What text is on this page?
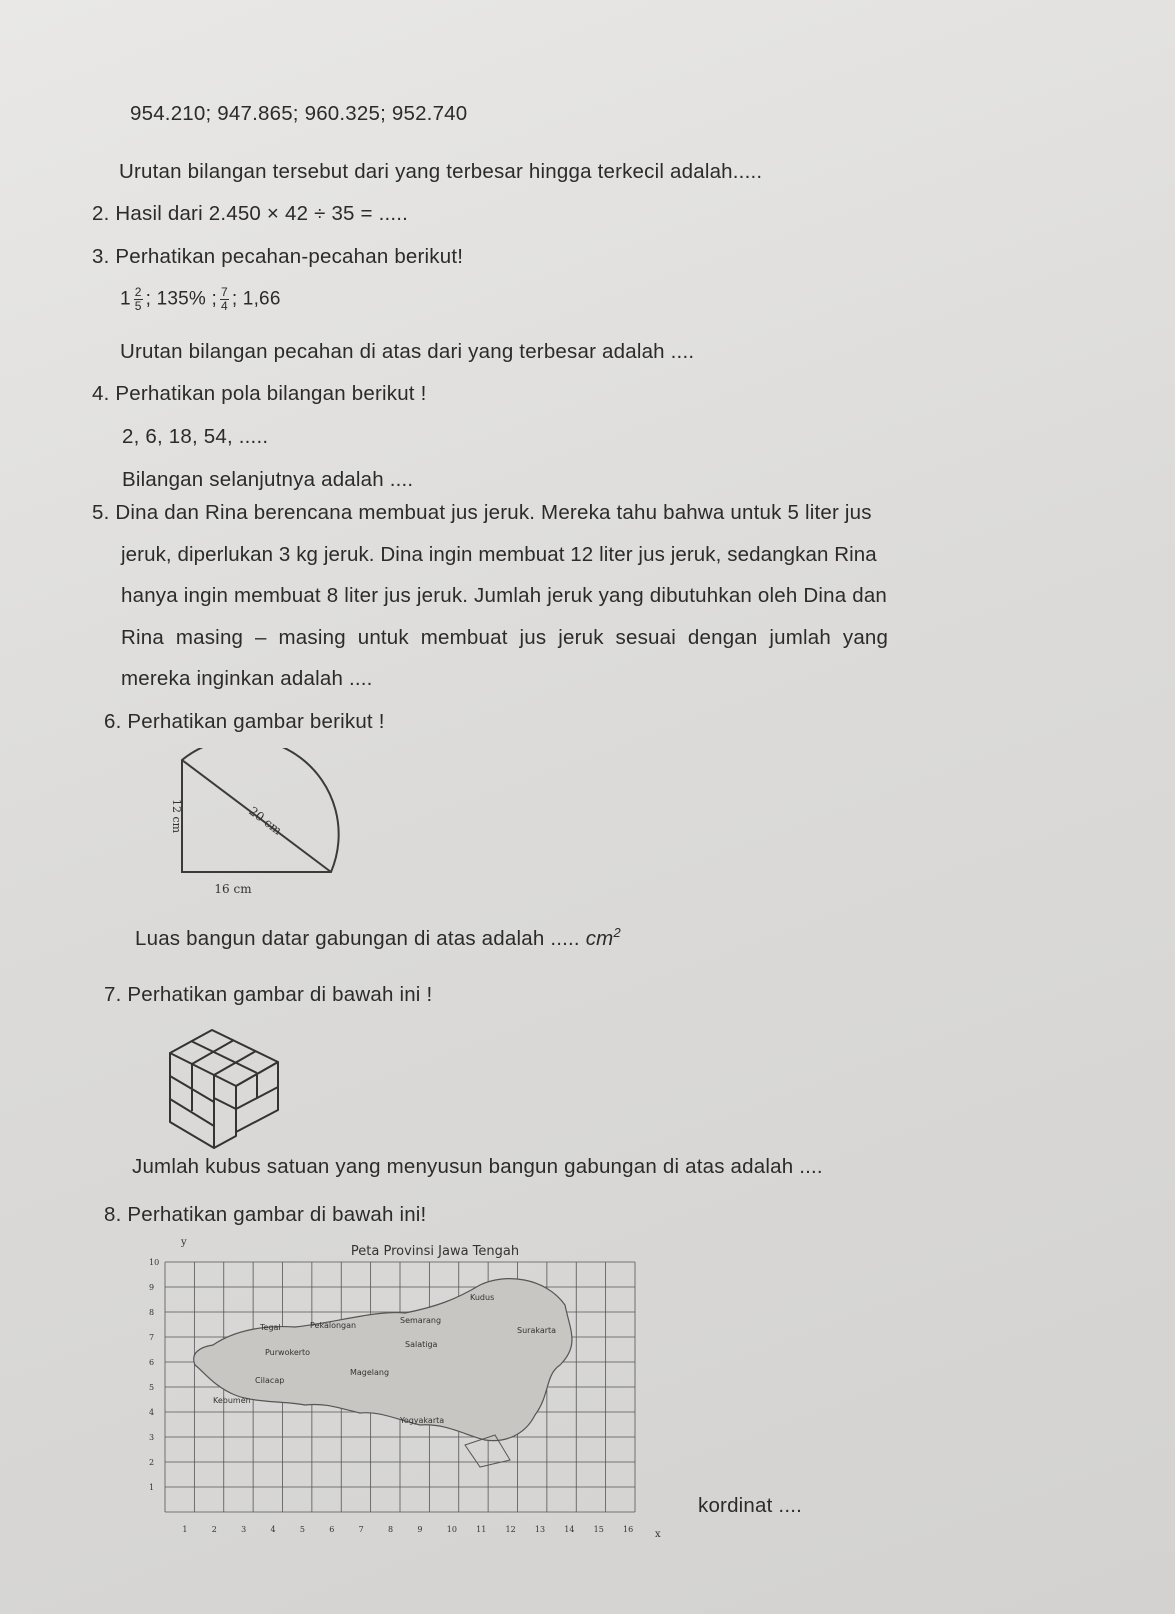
954.210; 947.865; 960.325; 952.740
Urutan bilangan tersebut dari yang terbesar hingga terkecil adalah.....
2. Hasil dari 2.450 × 42 ÷ 35 = .....
3. Perhatikan pecahan-pecahan berikut!
$1 \frac{2}{5}$ ; 135% ; $\frac{7}{4}$ ; 1,66
Urutan bilangan pecahan di atas dari yang terbesar adalah ....
4. Perhatikan pola bilangan berikut !
2, 6, 18, 54, .....
Bilangan selanjutnya adalah ....
5. Dina dan Rina berencana membuat jus jeruk. Mereka tahu bahwa untuk 5 liter jus
jeruk, diperlukan 3 kg jeruk. Dina ingin membuat 12 liter jus jeruk, sedangkan Rina
hanya ingin membuat 8 liter jus jeruk. Jumlah jeruk yang dibutuhkan oleh Dina dan
Rina masing – masing untuk membuat jus jeruk sesuai dengan jumlah yang
mereka inginkan adalah ....
6. Perhatikan gambar berikut !
12 cm	20 cm
16 cm
Luas bangun datar gabungan di atas adalah ..... $cm^2$
7. Perhatikan gambar di bawah ini !
Jumlah kubus satuan yang menyusun bangun gabungan di atas adalah ....
8. Perhatikan gambar di bawah ini!
y
x
Peta Provinsi Jawa Tengah
Kudus
Tegal	Pekalongan
Semarang
Surakarta
Salatiga
Purwokerto
Magelang
Cilacap
Kebumen
Yogyakarta
10
9
8
7
6
5
4
3
2
1
1	2	3	4	5	6	7	8	9	10 11 12 13 14 15 16
kordinat ....
